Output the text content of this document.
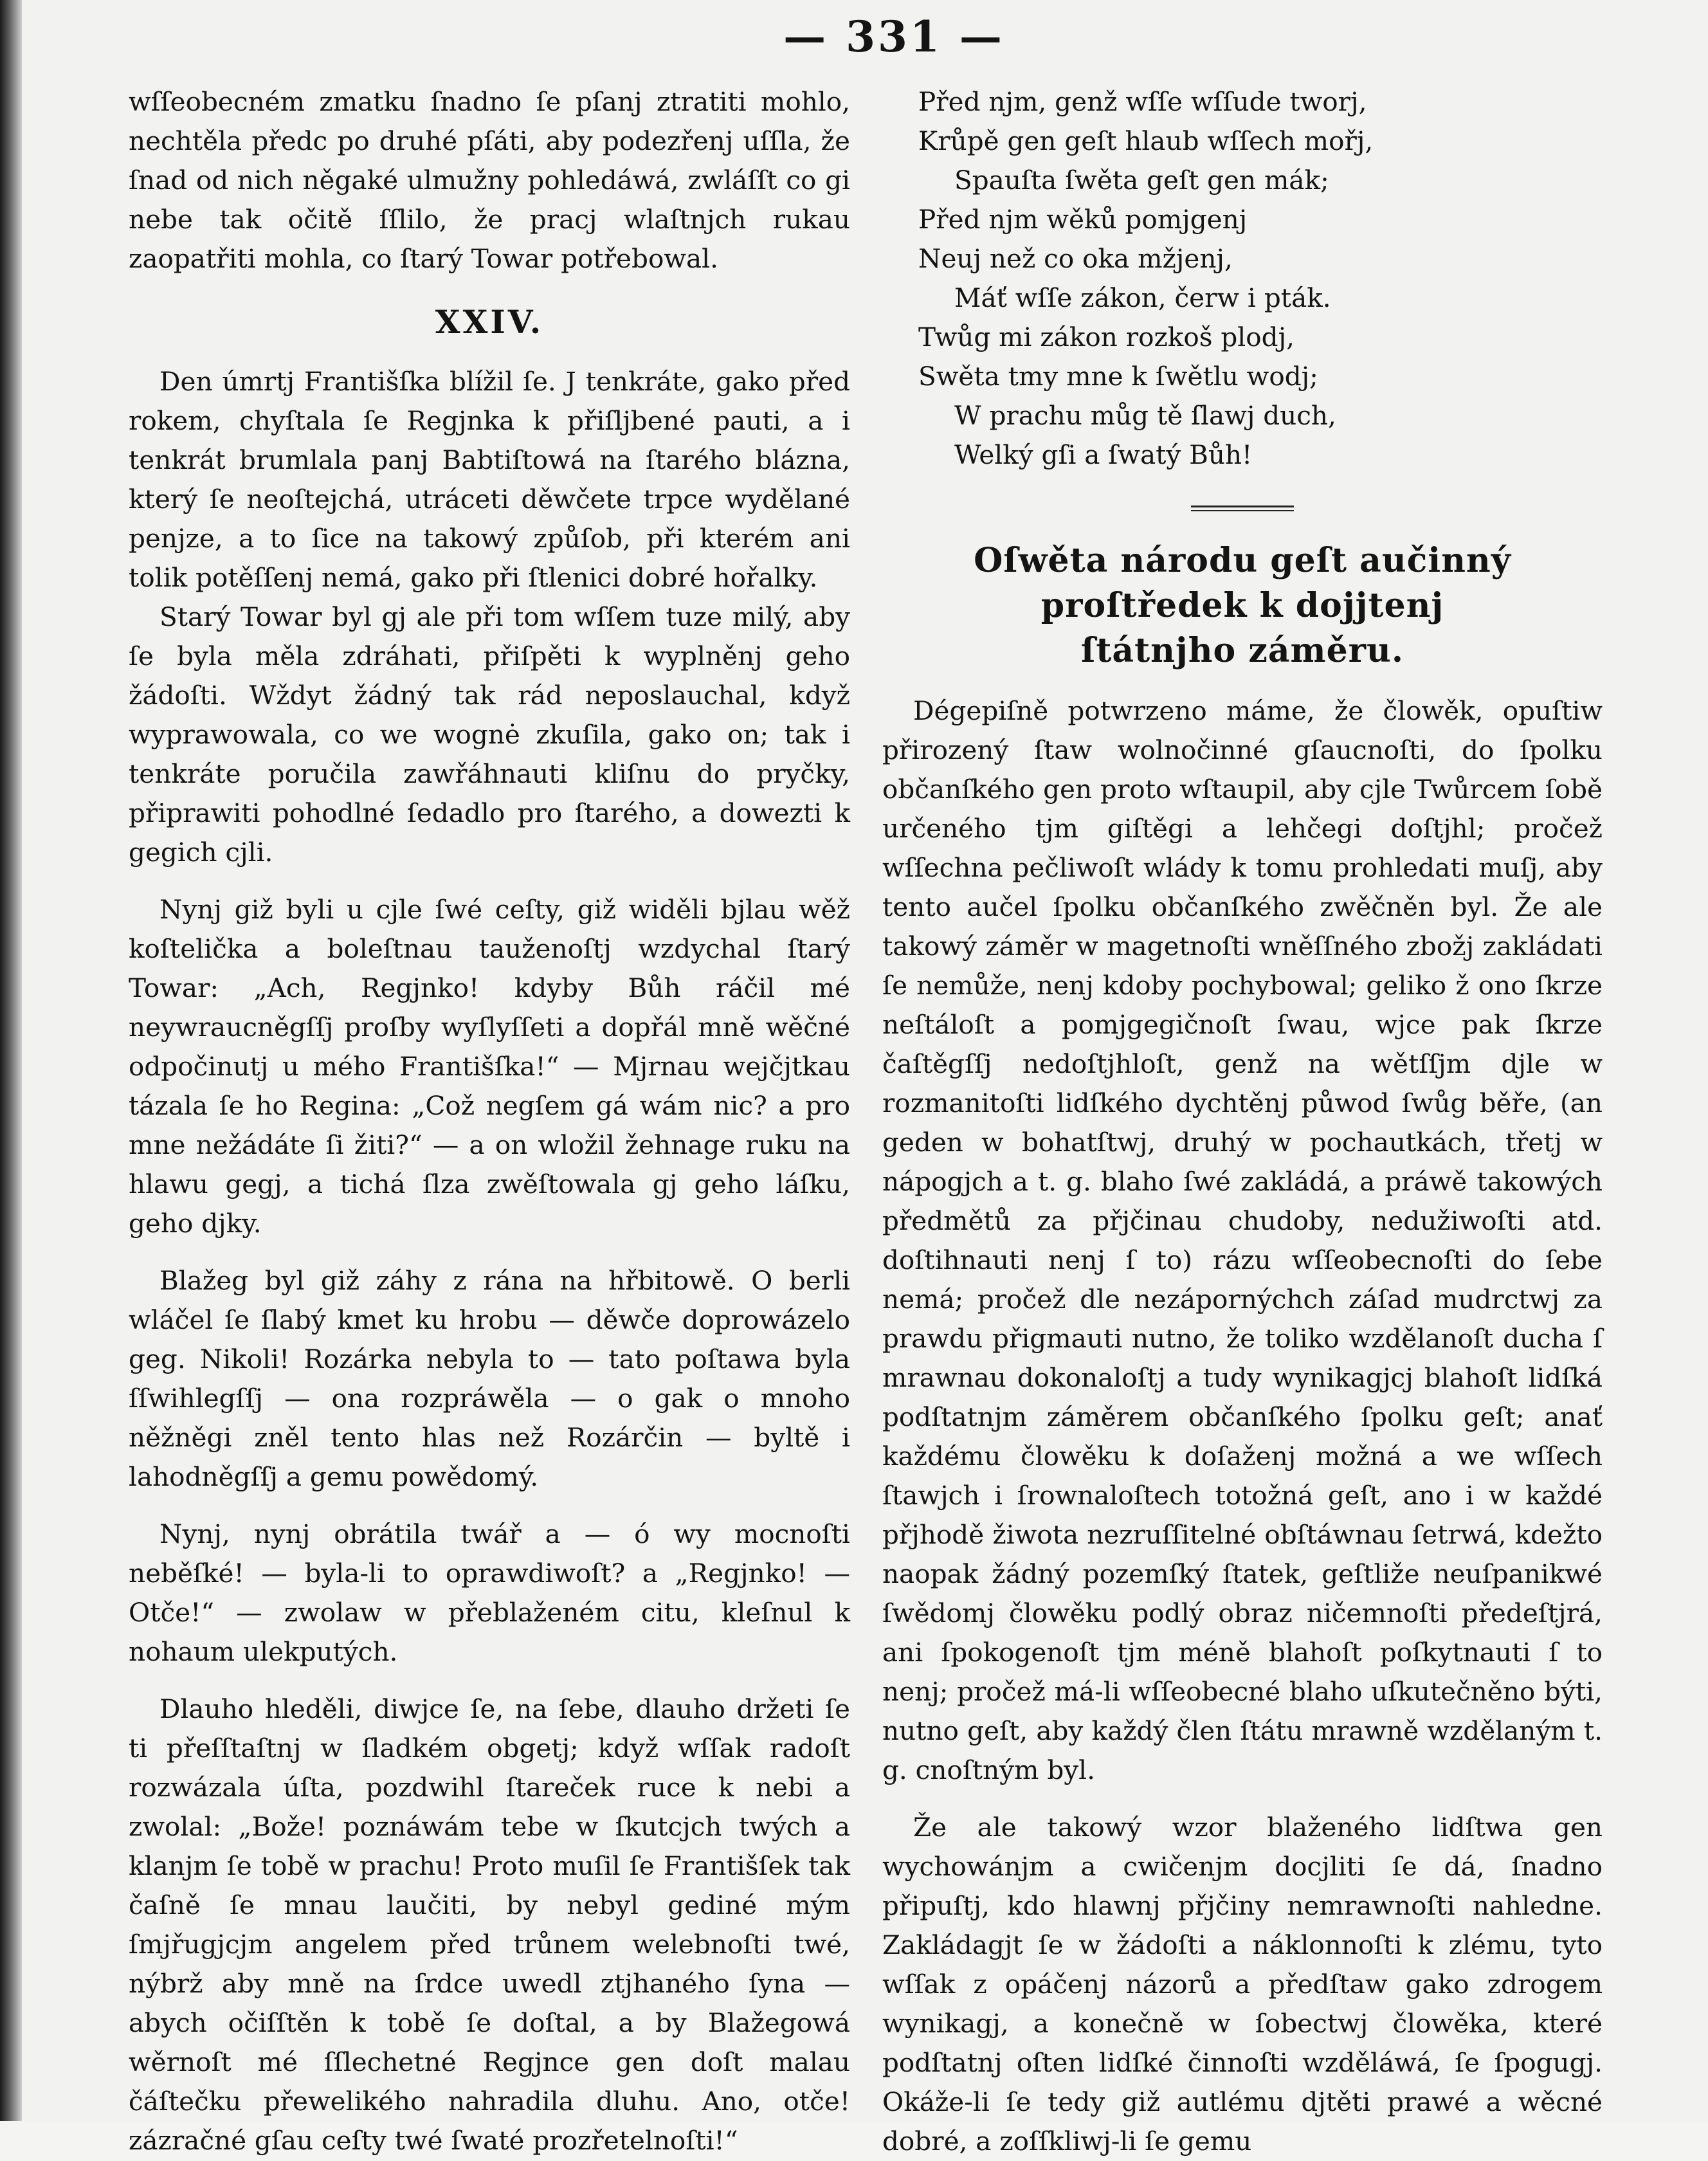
— 331 —

wſſeobecném zmatku ſnadno ſe pſanj ztratiti mohlo, nechtěla předc po druhé pſáti, aby podezřenj uſſla, že ſnad od nich něgaké ulmužny pohledáwá, zwláſſt co gi nebe tak očitě ſſlilo, že pracj wlaſtnjch rukau zaopatřiti mohla, co ſtarý Towar potřebowal.

XXIV.

Den úmrtj Františſka blížil ſe. J tenkráte, gako před rokem, chyſtala ſe Regjnka k přiſljbené pauti, a i tenkrát brumlala panj Babtiſtowá na ſtarého blázna, který ſe neoſtejchá, utráceti děwčete trpce wydělané penjze, a to ſice na takowý způſob, při kterém ani tolik potěſſenj nemá, gako při ſtlenici dobré hořalky.

Starý Towar byl gj ale při tom wſſem tuze milý, aby ſe byla měla zdráhati, přiſpěti k wyplněnj geho žádoſti. Wždyt žádný tak rád neposlauchal, když wyprawowala, co we wognė zkuſila, gako on; tak i tenkráte poručila zawřáhnauti kliſnu do pryčky, připrawiti pohodlné ſedadlo pro ſtarého, a dowezti k gegich cjli.

Nynj giž byli u cjle ſwé ceſty, giž widěli bjlau wěž koſtelička a boleſtnau tauženoſtj wzdychal ſtarý Towar: „Ach, Regjnko! kdyby Bůh ráčil mé neywraucněgſſj proſby wyſlyſſeti a dopřál mně wěčné odpočinutj u mého Františſka!“ — Mjrnau wejčjtkau tázala ſe ho Regina: „Což negſem gá wám nic? a pro mne nežádáte ſi žiti?“ — a on wložil žehnage ruku na hlawu gegj, a tichá ſlza zwěſtowala gj geho láſku, geho djky.

Blažeg byl giž záhy z rána na hřbitowě. O berli wláčel ſe ſlabý kmet ku hrobu — děwče doprowázelo geg. Nikoli! Rozárka nebyla to — tato poſtawa byla ſſwihlegſſj — ona rozpráwěla — o gak o mnoho něžněgi zněl tento hlas než Rozárčin — byltě i lahodněgſſj a gemu powědomý.

Nynj, nynj obrátila twář a — ó wy mocnoſti neběſké! — byla-li to oprawdiwoſt? a „Regjnko! — Otče!“ — zwolaw w přeblaženém citu, kleſnul k nohaum ulekputých.

Dlauho hleděli, diwjce ſe, na ſebe, dlauho držeti ſe ti přeſſtaſtnj w ſladkém obgetj; když wſſak radoſt rozwázala úſta, pozdwihl ſtareček ruce k nebi a zwolal: „Bože! poznáwám tebe w ſkutcjch twých a klanjm ſe tobě w prachu! Proto muſil ſe Františſek tak čaſně ſe mnau laučiti, by nebyl gediné mým ſmjřugjcjm angelem před trůnem welebnoſti twé, nýbrž aby mně na ſrdce uwedl ztjhaného ſyna — abych očiſſtěn k tobě ſe doſtal, a by Blažegowá wěrnoſt mé ſſlechetné Regjnce gen doſt malau čáſtečku přewelikého nahradila dluhu. Ano, otče! zázračné gſau ceſty twé ſwaté prozřetelnoſti!“

Před njm, genž wſſe wſſude tworj,
Krůpě gen geſt hlaub wſſech mořj,
Spauſta ſwěta geſt gen mák;
Před njm wěků pomjgenj
Neuj než co oka mžjenj,
Máť wſſe zákon, čerw i pták.
Twůg mi zákon rozkoš plodj,
Swěta tmy mne k ſwětlu wodj;
W prachu můg tě ſlawj duch,
Welký gſi a ſwatý Bůh!
Oſwěta národu geſt aučinný proſtředek k dojjtenj
ſtátnjho záměru.

Dégepiſně potwrzeno máme, že člowěk, opuſtiw přirozený ſtaw wolnočinné gſaucnoſti, do ſpolku občanſkého gen proto wſtaupil, aby cjle Twůrcem ſobě určeného tjm giſtěgi a lehčegi doſtjhl; pročež wſſechna pečliwoſt wlády k tomu prohledati muſj, aby tento aučel ſpolku občanſkého zwěčněn byl. Že ale takowý záměr w magetnoſti wněſſného zbožj zakládati ſe nemůže, nenj kdoby pochybowal; geliko ž ono ſkrze neſtáloſt a pomjgegičnoſt ſwau, wjce pak ſkrze čaſtěgſſj nedoſtjhloſt, genž na wětſſjm djle w rozmanitoſti lidſkého dychtěnj půwod ſwůg běře, (an geden w bohatſtwj, druhý w pochautkách, třetj w nápogjch a t. g. blaho ſwé zakládá, a práwě takowých předmětů za přjčinau chudoby, nedužiwoſti atd. doſtihnauti nenj ſ to) rázu wſſeobecnoſti do ſebe nemá; pročež dle nezápornýchch záſad mudrctwj za prawdu přigmauti nutno, že toliko wzdělanoſt ducha ſ mrawnau dokonaloſtj a tudy wynikagjcj blahoſt lidſká podſtatnjm záměrem občanſkého ſpolku geſt; anať každému člowěku k doſaženj možná a we wſſech ſtawjch i ſrownaloſtech totožná geſt, ano i w každé přjhodě žiwota nezruſſitelné obſtáwnau ſetrwá, kdežto naopak žádný pozemſký ſtatek, geſtliže neuſpanikwé ſwědomj člowěku podlý obraz ničemnoſti předeſtjrá, ani ſpokogenoſt tjm méně blahoſt poſkytnauti ſ to nenj; pročež má-li wſſeobecné blaho uſkutečněno býti, nutno geſt, aby každý člen ſtátu mrawně wzdělaným t. g. cnoſtným byl.

Že ale takowý wzor blaženého lidſtwa gen wychowánjm a cwičenjm docjliti ſe dá, ſnadno připuſtj, kdo hlawnj přjčiny nemrawnoſti nahledne. Zakládagjt ſe w žádoſti a náklonnoſti k zlému, tyto wſſak z opáčenj názorů a předſtaw gako zdrogem wynikagj, a konečně w ſobectwj člowěka, které podſtatnj oſten lidſké činnoſti wzděláwá, ſe ſpogugj. Okáže-li ſe tedy giž autlému djtěti prawé a wěcné dobré, a zoſſkliwj-li ſe gemu
